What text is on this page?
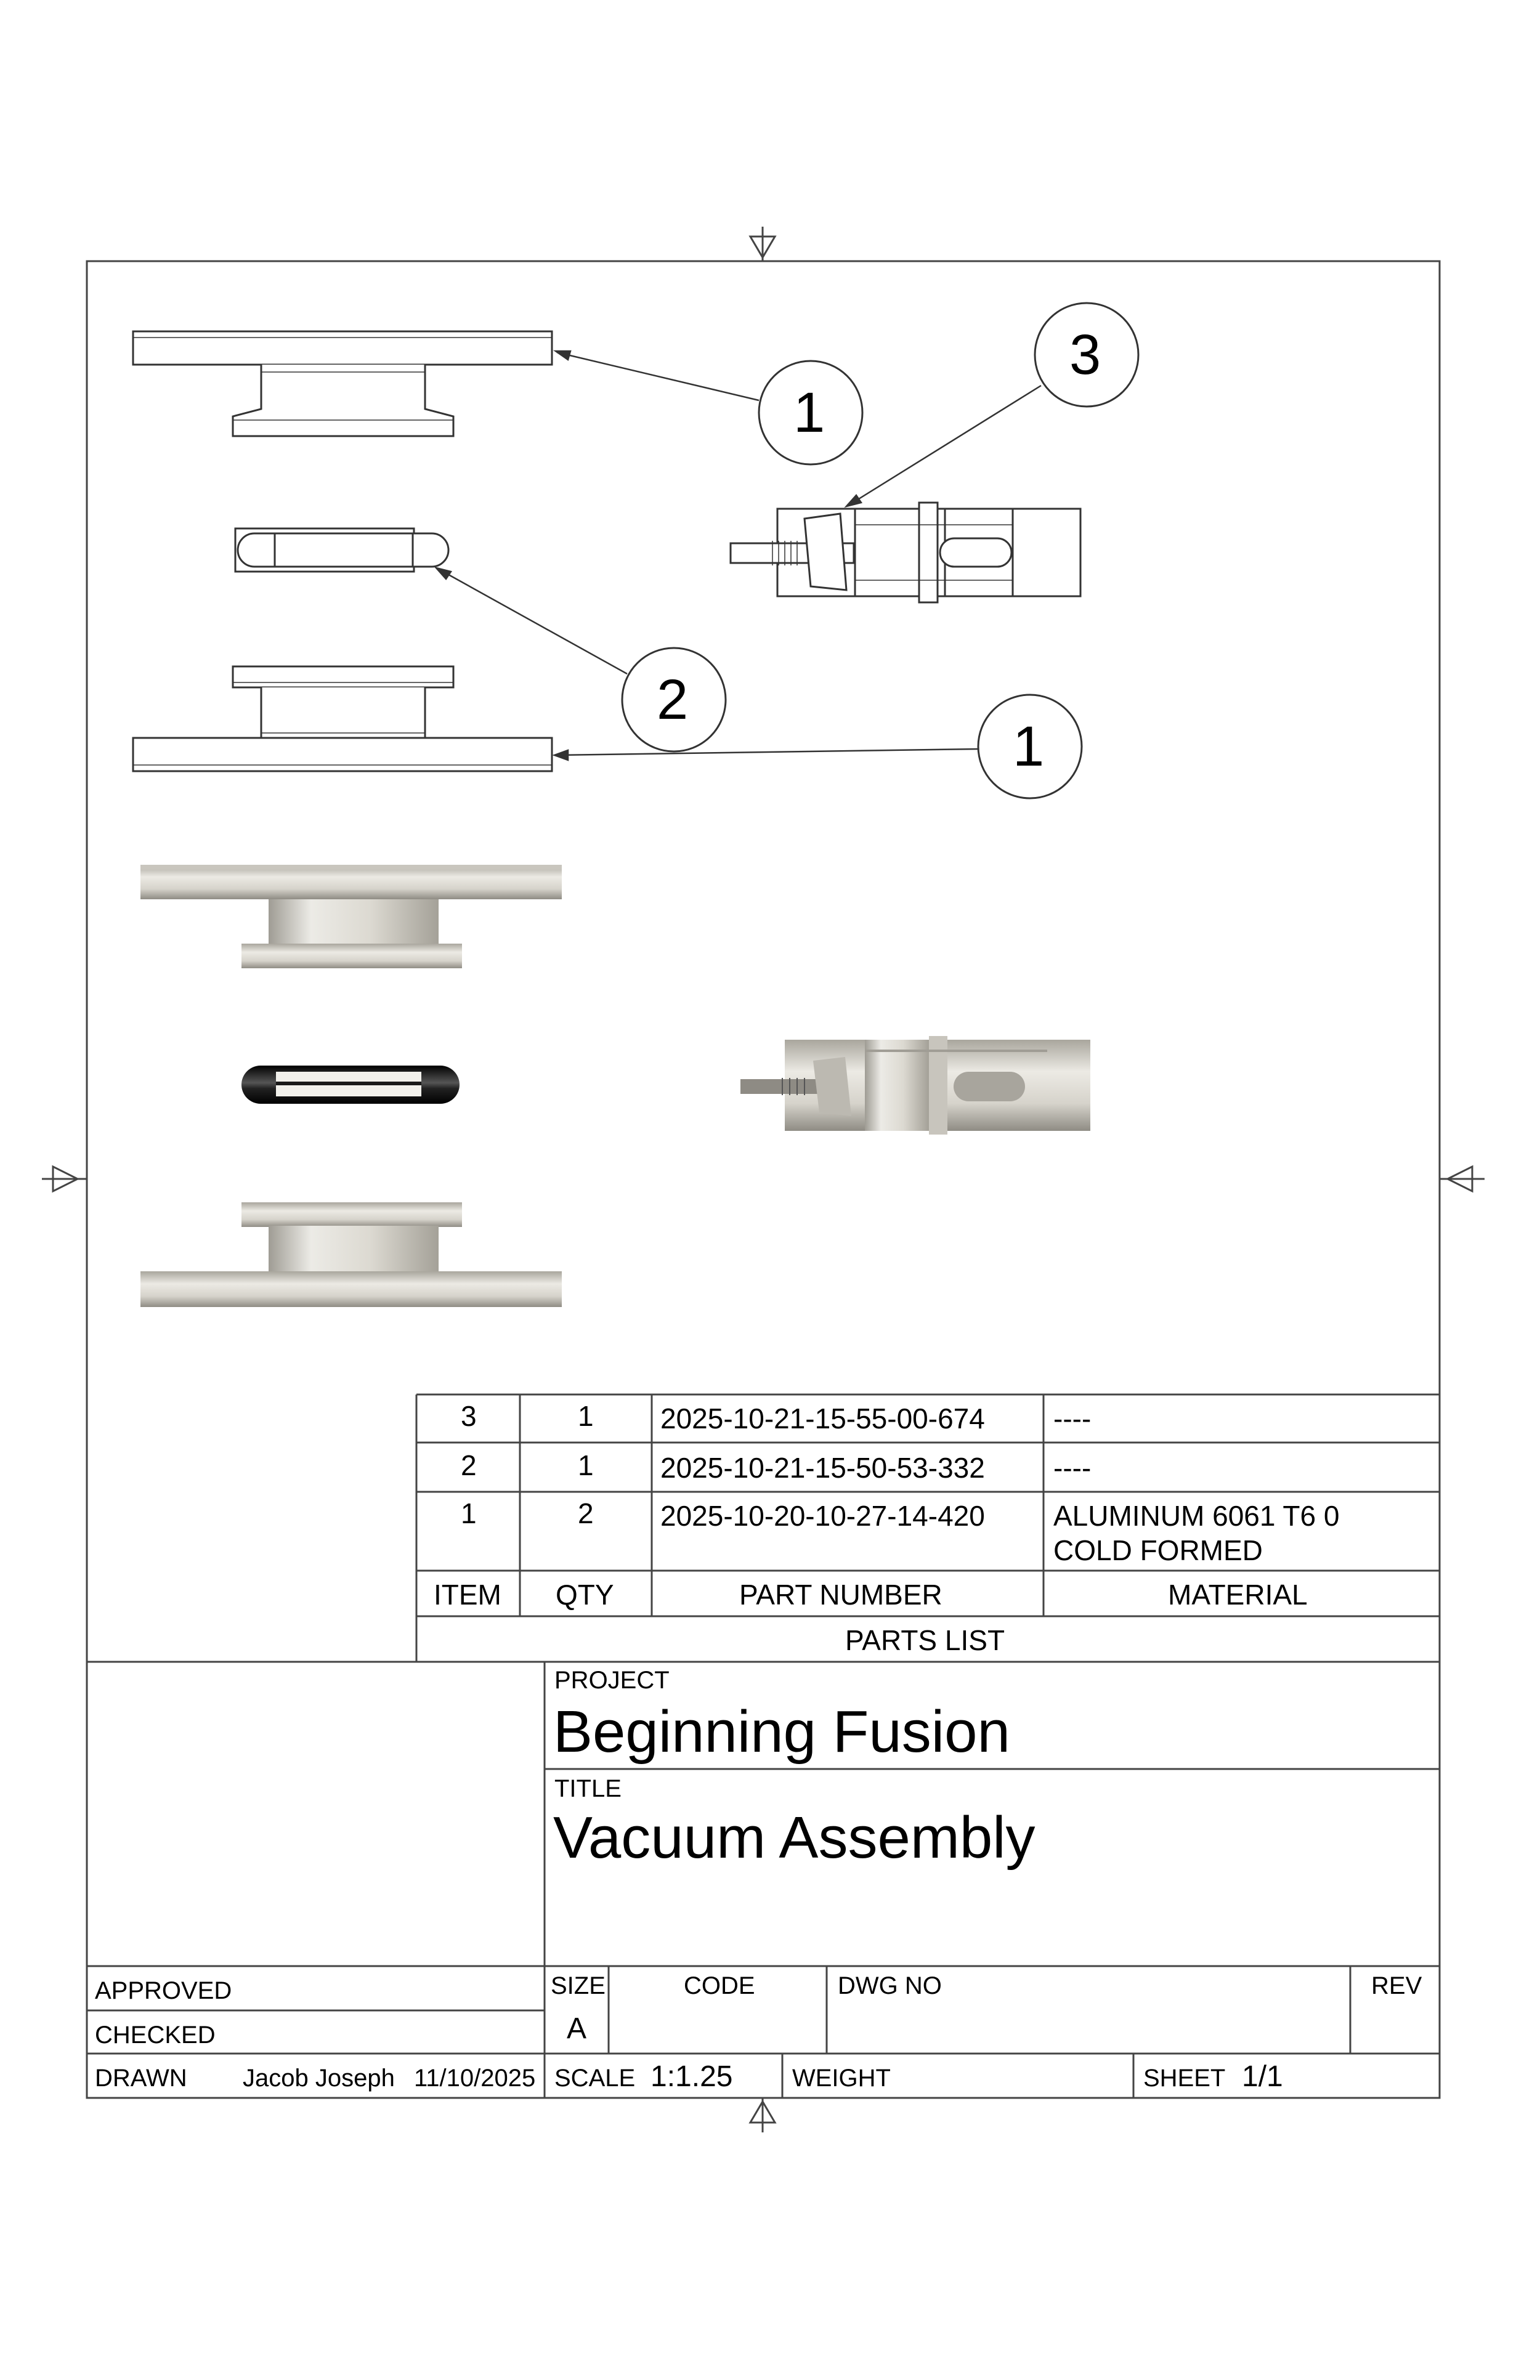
1
3
2
1
3	1 2025-10-21-15-55-00-674 ----
2	1 2025-10-21-15-50-53-332 ----
1	2 2025-10-20-10-27-14-420 ALUMINUM 6061 T6 0
COLD FORMED
ITEM QTY	PART NUMBER	MATERIAL
PARTS LIST
PROJECT
Beginning Fusion
TITLE
Vacuum Assembly
APPROVED
CHECKED
DRAWN Jacob Joseph 11/10/2025
SIZE
A
CODE	DWG NO	REV
SCALE 1:1.25 WEIGHT	SHEET 1/1
